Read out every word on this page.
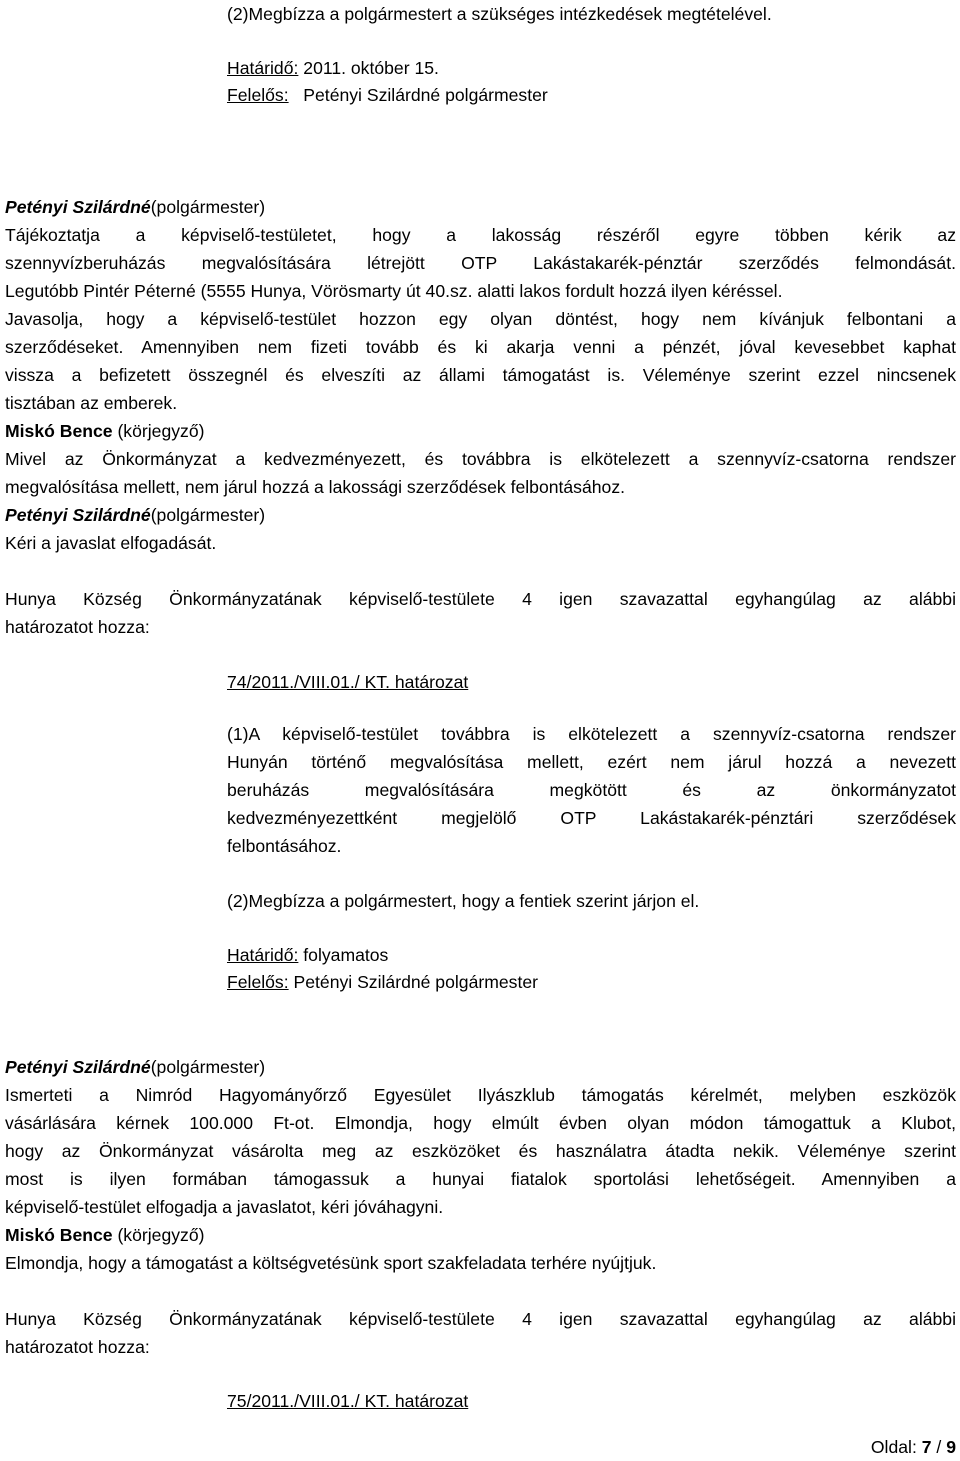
(2)Megbízza a polgármestert a szükséges intézkedések megtételével.
Határidő: 2011. október 15.
Felelős: Petényi Szilárdné polgármester
Petényi Szilárdné(polgármester)
Tájékoztatja a képviselő-testületet, hogy a lakosság részéről egyre többen kérik az
szennyvízberuházás megvalósítására létrejött OTP Lakástakarék-pénztár szerződés felmondását.
Legutóbb Pintér Péterné (5555 Hunya, Vörösmarty út 40.sz. alatti lakos fordult hozzá ilyen kéréssel.
Javasolja, hogy a képviselő-testület hozzon egy olyan döntést, hogy nem kívánjuk felbontani a
szerződéseket. Amennyiben nem fizeti tovább és ki akarja venni a pénzét, jóval kevesebbet kaphat
vissza a befizetett összegnél és elveszíti az állami támogatást is. Véleménye szerint ezzel nincsenek
tisztában az emberek.
Miskó Bence (körjegyző)
Mivel az Önkormányzat a kedvezményezett, és továbbra is elkötelezett a szennyvíz-csatorna rendszer
megvalósítása mellett, nem járul hozzá a lakossági szerződések felbontásához.
Petényi Szilárdné(polgármester)
Kéri a javaslat elfogadását.
Hunya Község Önkormányzatának képviselő-testülete 4 igen szavazattal egyhangúlag az alábbi
határozatot hozza:
74/2011./VIII.01./ KT. határozat
(1)A képviselő-testület továbbra is elkötelezett a szennyvíz-csatorna rendszer
Hunyán történő megvalósítása mellett, ezért nem járul hozzá a nevezett
beruházás megvalósítására megkötött és az önkormányzatot
kedvezményezettként megjelölő OTP Lakástakarék-pénztári szerződések
felbontásához.
(2)Megbízza a polgármestert, hogy a fentiek szerint járjon el.
Határidő: folyamatos
Felelős: Petényi Szilárdné polgármester
Petényi Szilárdné(polgármester)
Ismerteti a Nimród Hagyományőrző Egyesület Ilyászklub támogatás kérelmét, melyben eszközök
vásárlására kérnek 100.000 Ft-ot. Elmondja, hogy elmúlt évben olyan módon támogattuk a Klubot,
hogy az Önkormányzat vásárolta meg az eszközöket és használatra átadta nekik. Véleménye szerint
most is ilyen formában támogassuk a hunyai fiatalok sportolási lehetőségeit. Amennyiben a
képviselő-testület elfogadja a javaslatot, kéri jóváhagyni.
Miskó Bence (körjegyző)
Elmondja, hogy a támogatást a költségvetésünk sport szakfeladata terhére nyújtjuk.
Hunya Község Önkormányzatának képviselő-testülete 4 igen szavazattal egyhangúlag az alábbi
határozatot hozza:
75/2011./VIII.01./ KT. határozat
Oldal: 7 / 9
